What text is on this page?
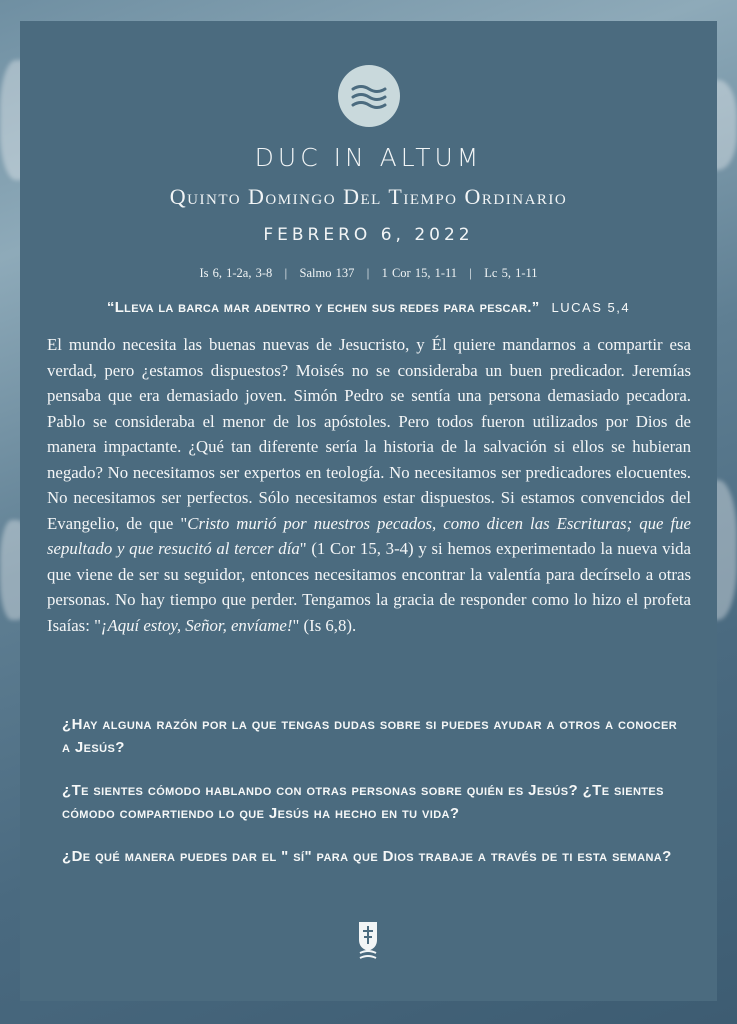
DUC IN ALTUM
Quinto Domingo Del Tiempo Ordinario
FEBRERO 6, 2022
Is 6, 1-2a, 3-8   |   Salmo 137   |   1 Cor 15, 1-11   |   Lc 5, 1-11
“Lleva la barca mar adentro y echen sus redes para pescar.” LUCAS 5,4

El mundo necesita las buenas nuevas de Jesucristo, y Él quiere mandarnos a compartir esa verdad, pero ¿estamos dispuestos? Moisés no se consideraba un buen predicador. Jeremías pensaba que era demasiado joven. Simón Pedro se sentía una persona demasiado pecadora. Pablo se consideraba el menor de los apóstoles. Pero todos fueron utilizados por Dios de manera impactante. ¿Qué tan diferente sería la historia de la salvación si ellos se hubieran negado? No necesitamos ser expertos en teología. No necesitamos ser predicadores elocuentes. No necesitamos ser perfectos. Sólo necesitamos estar dispuestos. Si estamos convencidos del Evangelio, de que "Cristo murió por nuestros pecados, como dicen las Escrituras; que fue sepultado y que resucitó al tercer día" (1 Cor 15, 3-4) y si hemos experimentado la nueva vida que viene de ser su seguidor, entonces necesitamos encontrar la valentía para decírselo a otras personas. No hay tiempo que perder. Tengamos la gracia de responder como lo hizo el profeta Isaías: "¡Aquí estoy, Señor, envíame!" (Is 6,8).

¿Hay alguna razón por la que tengas dudas sobre si puedes ayudar a otros a conocer a Jesús?

¿Te sientes cómodo hablando con otras personas sobre quién es Jesús? ¿Te sientes cómodo compartiendo lo que Jesús ha hecho en tu vida?

¿De qué manera puedes dar el " sí" para que Dios trabaje a través de ti esta semana?
